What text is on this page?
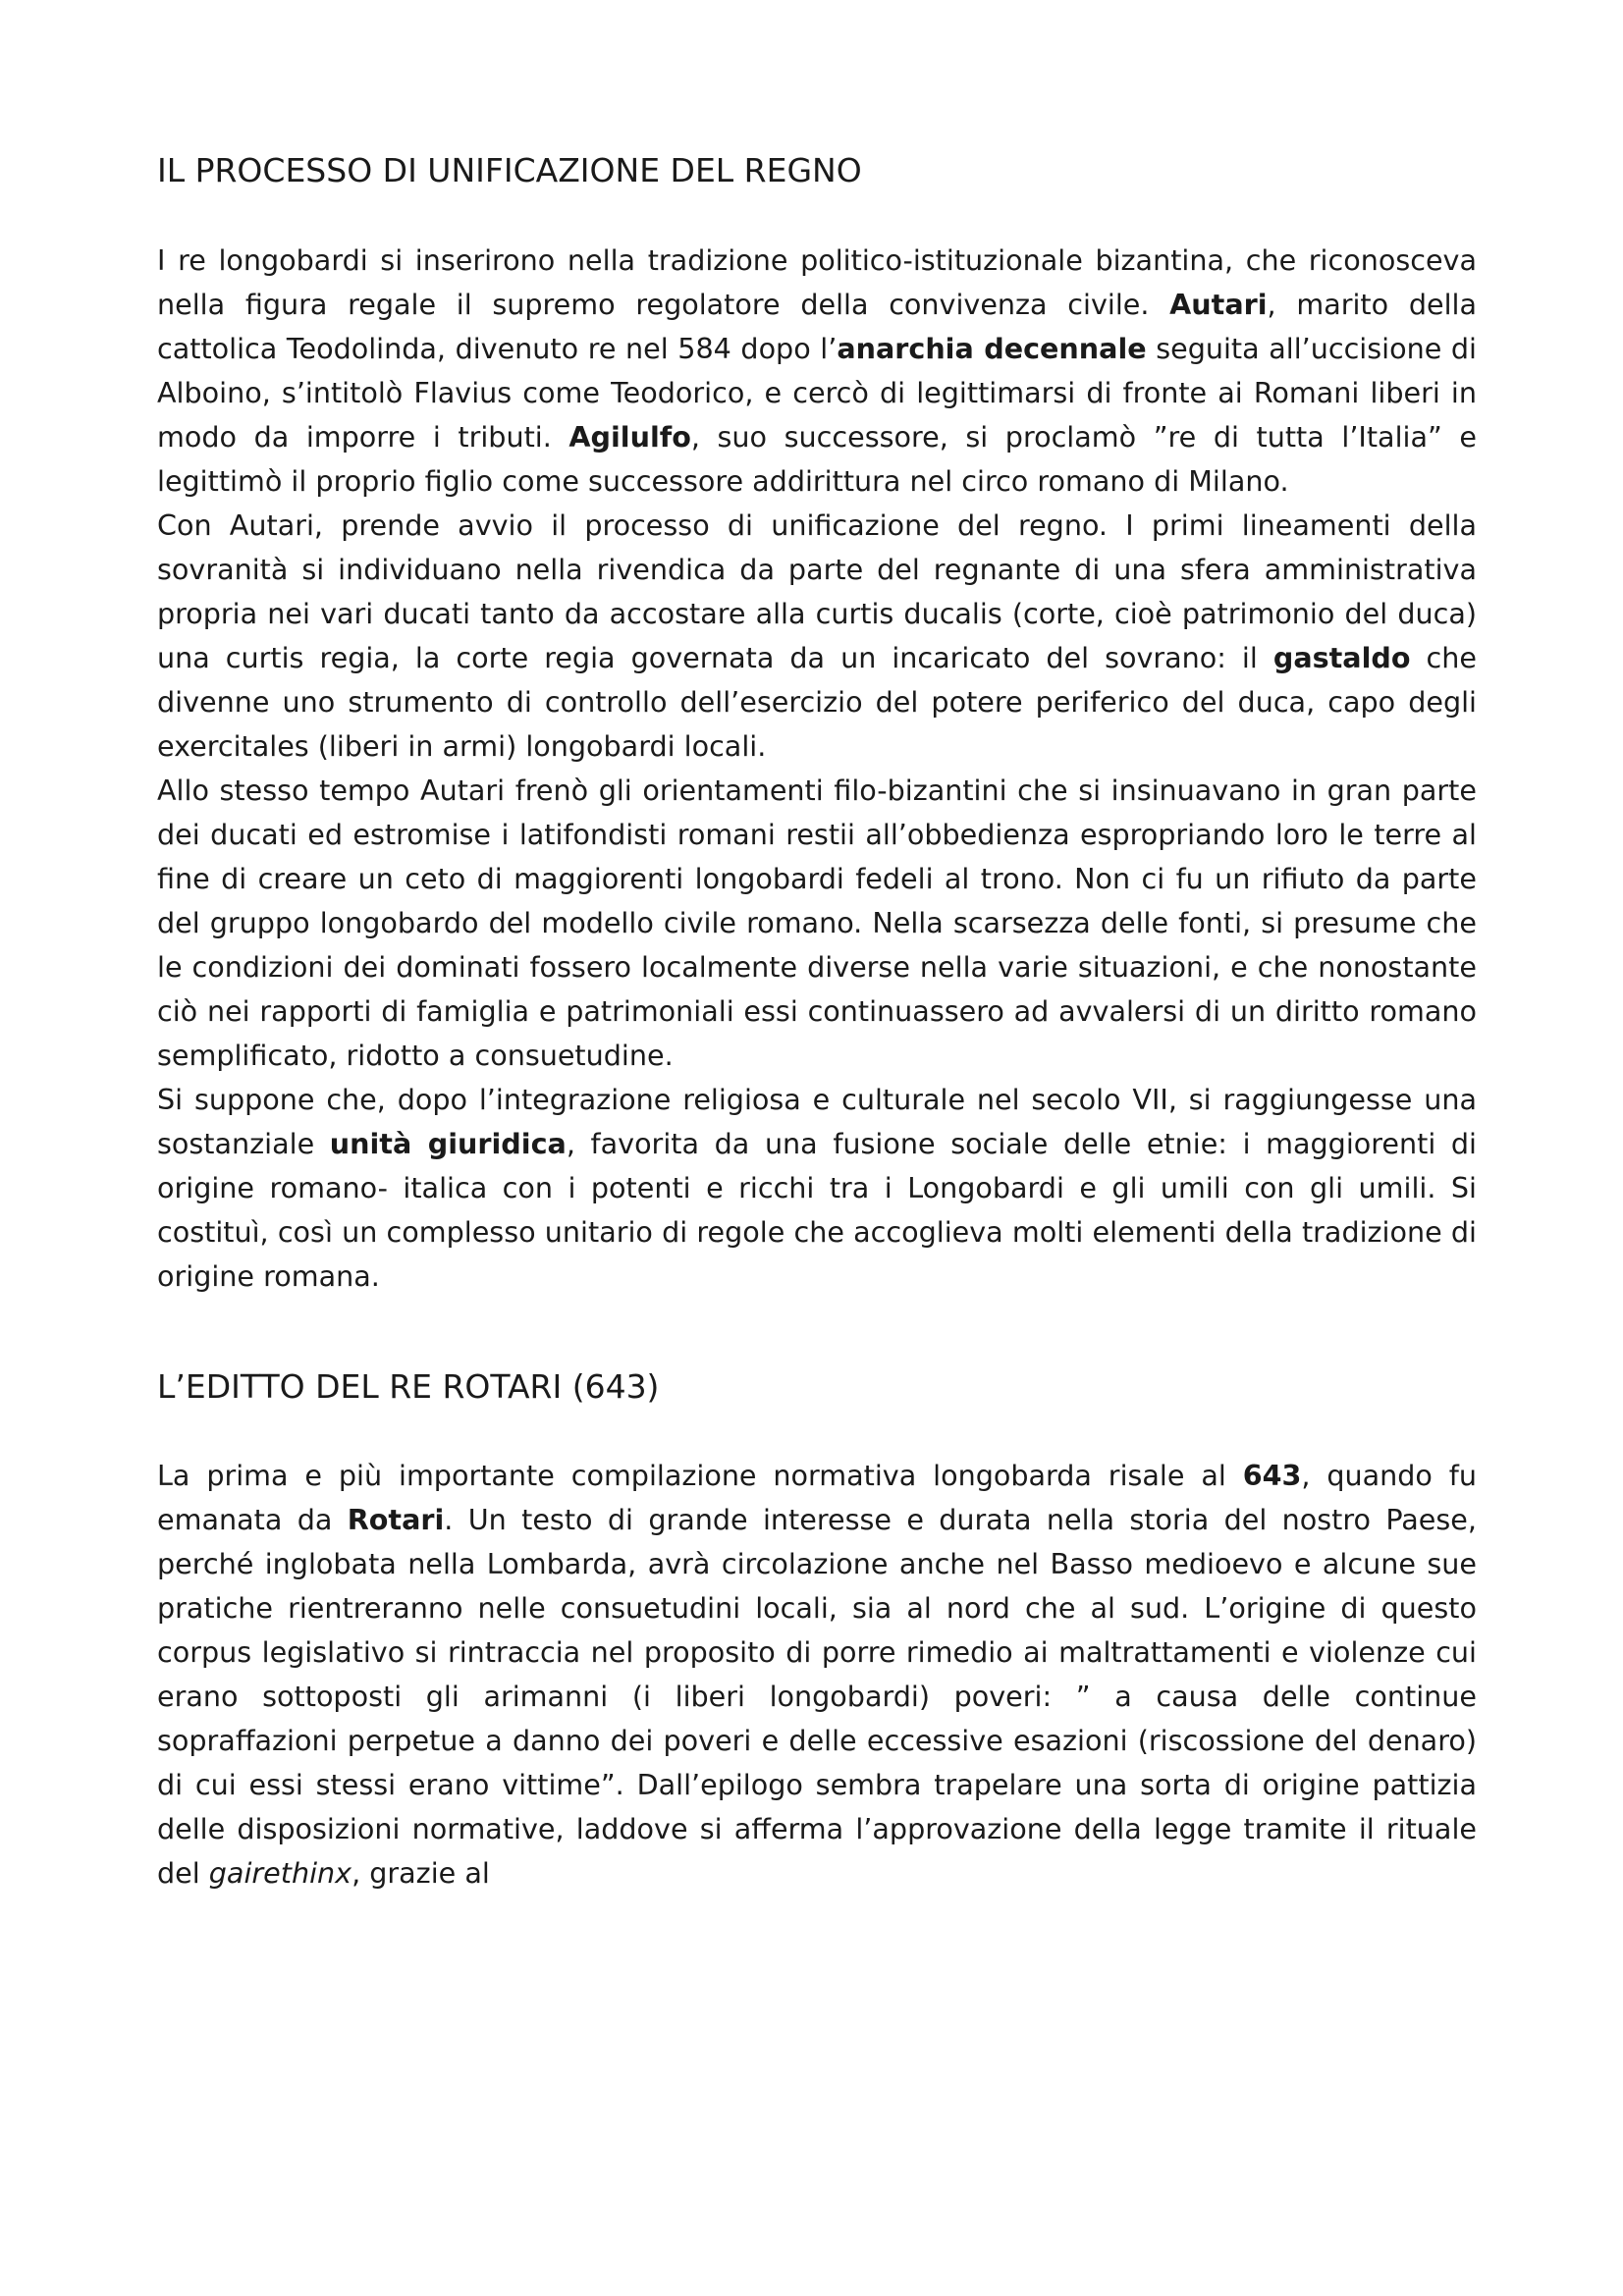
IL PROCESSO DI UNIFICAZIONE DEL REGNO

I re longobardi si inserirono nella tradizione politico-istituzionale bizantina, che riconosceva nella figura regale il supremo regolatore della convivenza civile. Autari, marito della cattolica Teodolinda, divenuto re nel 584 dopo l’anarchia decennale seguita all’uccisione di Alboino, s’intitolò Flavius come Teodorico, e cercò di legittimarsi di fronte ai Romani liberi in modo da imporre i tributi. Agilulfo, suo successore, si proclamò ”re di tutta l’Italia” e legittimò il proprio figlio come successore addirittura nel circo romano di Milano.

Con Autari, prende avvio il processo di unificazione del regno. I primi lineamenti della sovranità si individuano nella rivendica da parte del regnante di una sfera amministrativa propria nei vari ducati tanto da accostare alla curtis ducalis (corte, cioè patrimonio del duca) una curtis regia, la corte regia governata da un incaricato del sovrano: il gastaldo che divenne uno strumento di controllo dell’esercizio del potere periferico del duca, capo degli exercitales (liberi in armi) longobardi locali.

Allo stesso tempo Autari frenò gli orientamenti filo-bizantini che si insinuavano in gran parte dei ducati ed estromise i latifondisti romani restii all’obbedienza espropriando loro le terre al fine di creare un ceto di maggiorenti longobardi fedeli al trono. Non ci fu un rifiuto da parte del gruppo longobardo del modello civile romano. Nella scarsezza delle fonti, si presume che le condizioni dei dominati fossero localmente diverse nella varie situazioni, e che nonostante ciò nei rapporti di famiglia e patrimoniali essi continuassero ad avvalersi di un diritto romano semplificato, ridotto a consuetudine.

Si suppone che, dopo l’integrazione religiosa e culturale nel secolo VII, si raggiungesse una sostanziale unità giuridica, favorita da una fusione sociale delle etnie: i maggiorenti di origine romano- italica con i potenti e ricchi tra i Longobardi e gli umili con gli umili. Si costituì, così un complesso unitario di regole che accoglieva molti elementi della tradizione di origine romana.

L’EDITTO DEL RE ROTARI (643)

La prima e più importante compilazione normativa longobarda risale al 643, quando fu emanata da Rotari. Un testo di grande interesse e durata nella storia del nostro Paese, perché inglobata nella Lombarda, avrà circolazione anche nel Basso medioevo e alcune sue pratiche rientreranno nelle consuetudini locali, sia al nord che al sud. L’origine di questo corpus legislativo si rintraccia nel proposito di porre rimedio ai maltrattamenti e violenze cui erano sottoposti gli arimanni (i liberi longobardi) poveri: ” a causa delle continue sopraffazioni perpetue a danno dei poveri e delle eccessive esazioni (riscossione del denaro) di cui essi stessi erano vittime”. Dall’epilogo sembra trapelare una sorta di origine pattizia delle disposizioni normative, laddove si afferma l’approvazione della legge tramite il rituale del gairethinx, grazie al
